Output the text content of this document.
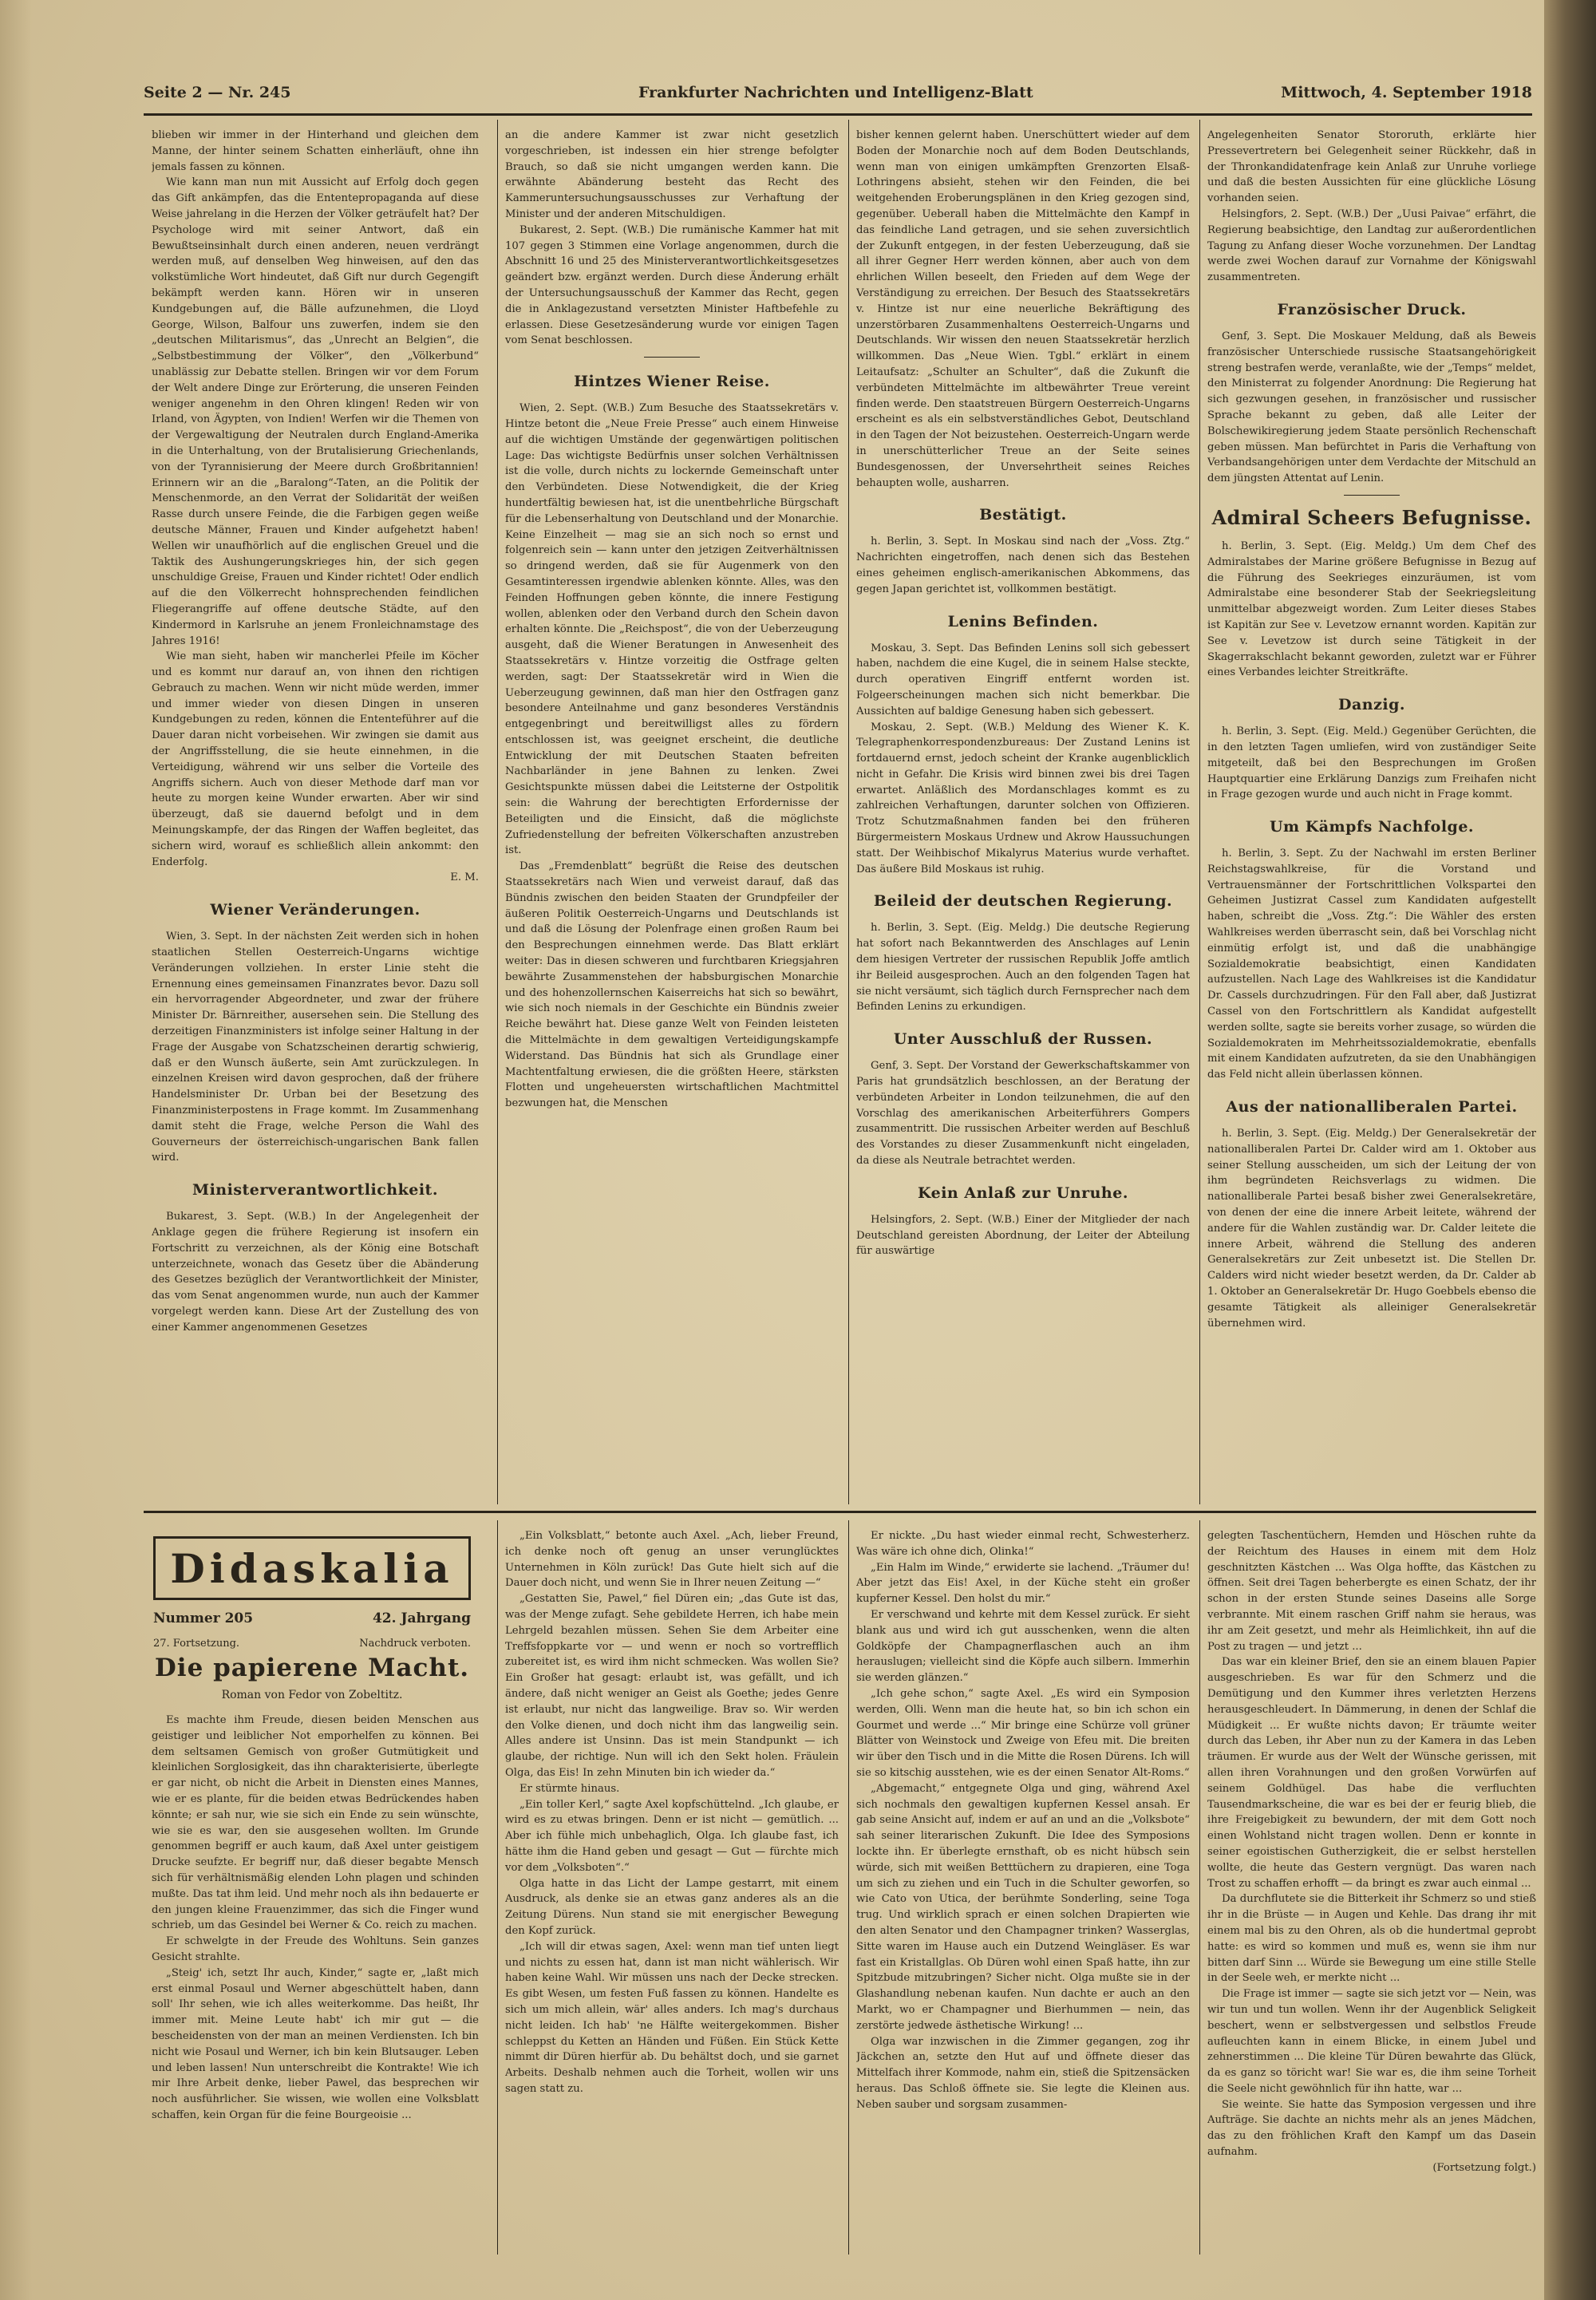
Seite 2 — Nr. 245	Frankfurter Nachrichten und Intelligenz-Blatt	Mittwoch, 4. September 1918

blieben wir immer in der Hinterhand und gleichen dem Manne, der hinter seinem Schatten einherläuft, ohne ihn jemals fassen zu können.

Wie kann man nun mit Aussicht auf Erfolg doch gegen das Gift ankämpfen, das die Ententepropaganda auf diese Weise jahrelang in die Herzen der Völker geträufelt hat? Der Psychologe wird mit seiner Antwort, daß ein Bewußtseinsinhalt durch einen anderen, neuen verdrängt werden muß, auf denselben Weg hinweisen, auf den das volkstümliche Wort hindeutet, daß Gift nur durch Gegengift bekämpft werden kann. Hören wir in unseren Kundgebungen auf, die Bälle aufzunehmen, die Lloyd George, Wilson, Balfour uns zuwerfen, indem sie den „deutschen Militarismus“, das „Unrecht an Belgien“, die „Selbstbestimmung der Völker“, den „Völkerbund“ unablässig zur Debatte stellen. Bringen wir vor dem Forum der Welt andere Dinge zur Erörterung, die unseren Feinden weniger angenehm in den Ohren klingen! Reden wir von Irland, von Ägypten, von Indien! Werfen wir die Themen von der Vergewaltigung der Neutralen durch England-Amerika in die Unterhaltung, von der Brutalisierung Griechenlands, von der Tyrannisierung der Meere durch Großbritannien! Erinnern wir an die „Baralong“-Taten, an die Politik der Menschenmorde, an den Verrat der Solidarität der weißen Rasse durch unsere Feinde, die die Farbigen gegen weiße deutsche Männer, Frauen und Kinder aufgehetzt haben! Wellen wir unaufhörlich auf die englischen Greuel und die Taktik des Aushungerungskrieges hin, der sich gegen unschuldige Greise, Frauen und Kinder richtet! Oder endlich auf die den Völkerrecht hohnsprechenden feindlichen Fliegerangriffe auf offene deutsche Städte, auf den Kindermord in Karlsruhe an jenem Fronleichnamstage des Jahres 1916!

Wie man sieht, haben wir mancherlei Pfeile im Köcher und es kommt nur darauf an, von ihnen den richtigen Gebrauch zu machen. Wenn wir nicht müde werden, immer und immer wieder von diesen Dingen in unseren Kundgebungen zu reden, können die Ententeführer auf die Dauer daran nicht vorbeisehen. Wir zwingen sie damit aus der Angriffsstellung, die sie heute einnehmen, in die Verteidigung, während wir uns selber die Vorteile des Angriffs sichern. Auch von dieser Methode darf man vor heute zu morgen keine Wunder erwarten. Aber wir sind überzeugt, daß sie dauernd befolgt und in dem Meinungskampfe, der das Ringen der Waffen begleitet, das sichern wird, worauf es schließlich allein ankommt: den Enderfolg.

E. M.

Wiener Veränderungen.

Wien, 3. Sept. In der nächsten Zeit werden sich in hohen staatlichen Stellen Oesterreich-Ungarns wichtige Veränderungen vollziehen. In erster Linie steht die Ernennung eines gemeinsamen Finanzrates bevor. Dazu soll ein hervorragender Abgeordneter, und zwar der frühere Minister Dr. Bärnreither, ausersehen sein. Die Stellung des derzeitigen Finanzministers ist infolge seiner Haltung in der Frage der Ausgabe von Schatzscheinen derartig schwierig, daß er den Wunsch äußerte, sein Amt zurückzulegen. In einzelnen Kreisen wird davon gesprochen, daß der frühere Handelsminister Dr. Urban bei der Besetzung des Finanzministerpostens in Frage kommt. Im Zusammenhang damit steht die Frage, welche Person die Wahl des Gouverneurs der österreichisch-ungarischen Bank fallen wird.

Ministerverantwortlichkeit.

Bukarest, 3. Sept. (W.B.) In der Angelegenheit der Anklage gegen die frühere Regierung ist insofern ein Fortschritt zu verzeichnen, als der König eine Botschaft unterzeichnete, wonach das Gesetz über die Abänderung des Gesetzes bezüglich der Verantwortlichkeit der Minister, das vom Senat angenommen wurde, nun auch der Kammer vorgelegt werden kann. Diese Art der Zustellung des von einer Kammer angenommenen Gesetzes

an die andere Kammer ist zwar nicht gesetzlich vorgeschrieben, ist indessen ein hier strenge befolgter Brauch, so daß sie nicht umgangen werden kann. Die erwähnte Abänderung besteht das Recht des Kammeruntersuchungsausschusses zur Verhaftung der Minister und der anderen Mitschuldigen.

Bukarest, 2. Sept. (W.B.) Die rumänische Kammer hat mit 107 gegen 3 Stimmen eine Vorlage angenommen, durch die Abschnitt 16 und 25 des Ministerverantwortlichkeitsgesetzes geändert bzw. ergänzt werden. Durch diese Änderung erhält der Untersuchungsausschuß der Kammer das Recht, gegen die in Anklagezustand versetzten Minister Haftbefehle zu erlassen. Diese Gesetzesänderung wurde vor einigen Tagen vom Senat beschlossen.

Hintzes Wiener Reise.

Wien, 2. Sept. (W.B.) Zum Besuche des Staatssekretärs v. Hintze betont die „Neue Freie Presse“ auch einem Hinweise auf die wichtigen Umstände der gegenwärtigen politischen Lage: Das wichtigste Bedürfnis unser solchen Verhältnissen ist die volle, durch nichts zu lockernde Gemeinschaft unter den Verbündeten. Diese Notwendigkeit, die der Krieg hundertfältig bewiesen hat, ist die unentbehrliche Bürgschaft für die Lebenserhaltung von Deutschland und der Monarchie. Keine Einzelheit — mag sie an sich noch so ernst und folgenreich sein — kann unter den jetzigen Zeitverhältnissen so dringend werden, daß sie für Augenmerk von den Gesamtinteressen irgendwie ablenken könnte. Alles, was den Feinden Hoffnungen geben könnte, die innere Festigung wollen, ablenken oder den Verband durch den Schein davon erhalten könnte. Die „Reichspost“, die von der Ueberzeugung ausgeht, daß die Wiener Beratungen in Anwesenheit des Staatssekretärs v. Hintze vorzeitig die Ostfrage gelten werden, sagt: Der Staatssekretär wird in Wien die Ueberzeugung gewinnen, daß man hier den Ostfragen ganz besondere Anteilnahme und ganz besonderes Verständnis entgegenbringt und bereitwilligst alles zu fördern entschlossen ist, was geeignet erscheint, die deutliche Entwicklung der mit Deutschen Staaten befreiten Nachbarländer in jene Bahnen zu lenken. Zwei Gesichtspunkte müssen dabei die Leitsterne der Ostpolitik sein: die Wahrung der berechtigten Erfordernisse der Beteiligten und die Einsicht, daß die möglichste Zufriedenstellung der befreiten Völkerschaften anzustreben ist.

Das „Fremdenblatt“ begrüßt die Reise des deutschen Staatssekretärs nach Wien und verweist darauf, daß das Bündnis zwischen den beiden Staaten der Grundpfeiler der äußeren Politik Oesterreich-Ungarns und Deutschlands ist und daß die Lösung der Polenfrage einen großen Raum bei den Besprechungen einnehmen werde. Das Blatt erklärt weiter: Das in diesen schweren und furchtbaren Kriegsjahren bewährte Zusammenstehen der habsburgischen Monarchie und des hohenzollernschen Kaiserreichs hat sich so bewährt, wie sich noch niemals in der Geschichte ein Bündnis zweier Reiche bewährt hat. Diese ganze Welt von Feinden leisteten die Mittelmächte in dem gewaltigen Verteidigungskampfe Widerstand. Das Bündnis hat sich als Grundlage einer Machtentfaltung erwiesen, die die größten Heere, stärksten Flotten und ungeheuersten wirtschaftlichen Machtmittel bezwungen hat, die Menschen

bisher kennen gelernt haben. Unerschüttert wieder auf dem Boden der Monarchie noch auf dem Boden Deutschlands, wenn man von einigen umkämpften Grenzorten Elsaß-Lothringens absieht, stehen wir den Feinden, die bei weitgehenden Eroberungsplänen in den Krieg gezogen sind, gegenüber. Ueberall haben die Mittelmächte den Kampf in das feindliche Land getragen, und sie sehen zuversichtlich der Zukunft entgegen, in der festen Ueberzeugung, daß sie all ihrer Gegner Herr werden können, aber auch von dem ehrlichen Willen beseelt, den Frieden auf dem Wege der Verständigung zu erreichen. Der Besuch des Staatssekretärs v. Hintze ist nur eine neuerliche Bekräftigung des unzerstörbaren Zusammenhaltens Oesterreich-Ungarns und Deutschlands. Wir wissen den neuen Staatssekretär herzlich willkommen. Das „Neue Wien. Tgbl.“ erklärt in einem Leitaufsatz: „Schulter an Schulter“, daß die Zukunft die verbündeten Mittelmächte im altbewährter Treue vereint finden werde. Den staatstreuen Bürgern Oesterreich-Ungarns erscheint es als ein selbstverständliches Gebot, Deutschland in den Tagen der Not beizustehen. Oesterreich-Ungarn werde in unerschütterlicher Treue an der Seite seines Bundesgenossen, der Unversehrtheit seines Reiches behaupten wolle, ausharren.

Bestätigt.

h. Berlin, 3. Sept. In Moskau sind nach der „Voss. Ztg.“ Nachrichten eingetroffen, nach denen sich das Bestehen eines geheimen englisch-amerikanischen Abkommens, das gegen Japan gerichtet ist, vollkommen bestätigt.

Lenins Befinden.

Moskau, 3. Sept. Das Befinden Lenins soll sich gebessert haben, nachdem die eine Kugel, die in seinem Halse steckte, durch operativen Eingriff entfernt worden ist. Folgeerscheinungen machen sich nicht bemerkbar. Die Aussichten auf baldige Genesung haben sich gebessert.

Moskau, 2. Sept. (W.B.) Meldung des Wiener K. K. Telegraphenkorrespondenzbureaus: Der Zustand Lenins ist fortdauernd ernst, jedoch scheint der Kranke augenblicklich nicht in Gefahr. Die Krisis wird binnen zwei bis drei Tagen erwartet. Anläßlich des Mordanschlages kommt es zu zahlreichen Verhaftungen, darunter solchen von Offizieren. Trotz Schutzmaßnahmen fanden bei den früheren Bürgermeistern Moskaus Urdnew und Akrow Haussuchungen statt. Der Weihbischof Mikalyrus Materius wurde verhaftet. Das äußere Bild Moskaus ist ruhig.

Beileid der deutschen Regierung.

h. Berlin, 3. Sept. (Eig. Meldg.) Die deutsche Regierung hat sofort nach Bekanntwerden des Anschlages auf Lenin dem hiesigen Vertreter der russischen Republik Joffe amtlich ihr Beileid ausgesprochen. Auch an den folgenden Tagen hat sie nicht versäumt, sich täglich durch Fernsprecher nach dem Befinden Lenins zu erkundigen.

Unter Ausschluß der Russen.

Genf, 3. Sept. Der Vorstand der Gewerkschaftskammer von Paris hat grundsätzlich beschlossen, an der Beratung der verbündeten Arbeiter in London teilzunehmen, die auf den Vorschlag des amerikanischen Arbeiterführers Gompers zusammentritt. Die russischen Arbeiter werden auf Beschluß des Vorstandes zu dieser Zusammenkunft nicht eingeladen, da diese als Neutrale betrachtet werden.

Kein Anlaß zur Unruhe.

Helsingfors, 2. Sept. (W.B.) Einer der Mitglieder der nach Deutschland gereisten Abordnung, der Leiter der Abteilung für auswärtige

Angelegenheiten Senator Stororuth, erklärte hier Pressevertretern bei Gelegenheit seiner Rückkehr, daß in der Thronkandidatenfrage kein Anlaß zur Unruhe vorliege und daß die besten Aussichten für eine glückliche Lösung vorhanden seien.

Helsingfors, 2. Sept. (W.B.) Der „Uusi Paivae“ erfährt, die Regierung beabsichtige, den Landtag zur außerordentlichen Tagung zu Anfang dieser Woche vorzunehmen. Der Landtag werde zwei Wochen darauf zur Vornahme der Königswahl zusammentreten.

Französischer Druck.

Genf, 3. Sept. Die Moskauer Meldung, daß als Beweis französischer Unterschiede russische Staatsangehörigkeit streng bestrafen werde, veranlaßte, wie der „Temps“ meldet, den Ministerrat zu folgender Anordnung: Die Regierung hat sich gezwungen gesehen, in französischer und russischer Sprache bekannt zu geben, daß alle Leiter der Bolschewikiregierung jedem Staate persönlich Rechenschaft geben müssen. Man befürchtet in Paris die Verhaftung von Verbandsangehörigen unter dem Verdachte der Mitschuld an dem jüngsten Attentat auf Lenin.

Admiral Scheers Befugnisse.

h. Berlin, 3. Sept. (Eig. Meldg.) Um dem Chef des Admiralstabes der Marine größere Befugnisse in Bezug auf die Führung des Seekrieges einzuräumen, ist vom Admiralstabe eine besonderer Stab der Seekriegsleitung unmittelbar abgezweigt worden. Zum Leiter dieses Stabes ist Kapitän zur See v. Levetzow ernannt worden. Kapitän zur See v. Levetzow ist durch seine Tätigkeit in der Skagerrakschlacht bekannt geworden, zuletzt war er Führer eines Verbandes leichter Streitkräfte.

Danzig.

h. Berlin, 3. Sept. (Eig. Meld.) Gegenüber Gerüchten, die in den letzten Tagen umliefen, wird von zuständiger Seite mitgeteilt, daß bei den Besprechungen im Großen Hauptquartier eine Erklärung Danzigs zum Freihafen nicht in Frage gezogen wurde und auch nicht in Frage kommt.

Um Kämpfs Nachfolge.

h. Berlin, 3. Sept. Zu der Nachwahl im ersten Berliner Reichstagswahlkreise, für die Vorstand und Vertrauensmänner der Fortschrittlichen Volkspartei den Geheimen Justizrat Cassel zum Kandidaten aufgestellt haben, schreibt die „Voss. Ztg.“: Die Wähler des ersten Wahlkreises werden überrascht sein, daß bei Vorschlag nicht einmütig erfolgt ist, und daß die unabhängige Sozialdemokratie beabsichtigt, einen Kandidaten aufzustellen. Nach Lage des Wahlkreises ist die Kandidatur Dr. Cassels durchzudringen. Für den Fall aber, daß Justizrat Cassel von den Fortschrittlern als Kandidat aufgestellt werden sollte, sagte sie bereits vorher zusage, so würden die Sozialdemokraten im Mehrheitssozialdemokratie, ebenfalls mit einem Kandidaten aufzutreten, da sie den Unabhängigen das Feld nicht allein überlassen können.

Aus der nationalliberalen Partei.

h. Berlin, 3. Sept. (Eig. Meldg.) Der Generalsekretär der nationalliberalen Partei Dr. Calder wird am 1. Oktober aus seiner Stellung ausscheiden, um sich der Leitung der von ihm begründeten Reichsverlags zu widmen. Die nationalliberale Partei besaß bisher zwei Generalsekretäre, von denen der eine die innere Arbeit leitete, während der andere für die Wahlen zuständig war. Dr. Calder leitete die innere Arbeit, während die Stellung des anderen Generalsekretärs zur Zeit unbesetzt ist. Die Stellen Dr. Calders wird nicht wieder besetzt werden, da Dr. Calder ab 1. Oktober an Generalsekretär Dr. Hugo Goebbels ebenso die gesamte Tätigkeit als alleiniger Generalsekretär übernehmen wird.

Didaskalia
Nummer 205	42. Jahrgang
27. Fortsetzung.	Nachdruck verboten.
Die papierene Macht.
Roman von Fedor von Zobeltitz.

Es machte ihm Freude, diesen beiden Menschen aus geistiger und leiblicher Not emporhelfen zu können. Bei dem seltsamen Gemisch von großer Gutmütigkeit und kleinlichen Sorglosigkeit, das ihn charakterisierte, überlegte er gar nicht, ob nicht die Arbeit in Diensten eines Mannes, wie er es plante, für die beiden etwas Bedrückendes haben könnte; er sah nur, wie sie sich ein Ende zu sein wünschte, wie sie es war, den sie ausgesehen wollten. Im Grunde genommen begriff er auch kaum, daß Axel unter geistigem Drucke seufzte. Er begriff nur, daß dieser begabte Mensch sich für verhältnismäßig elenden Lohn plagen und schinden mußte. Das tat ihm leid. Und mehr noch als ihn bedauerte er den jungen kleine Frauenzimmer, das sich die Finger wund schrieb, um das Gesindel bei Werner & Co. reich zu machen.

Er schwelgte in der Freude des Wohltuns. Sein ganzes Gesicht strahlte.

„Steig' ich, setzt Ihr auch, Kinder,“ sagte er, „laßt mich erst einmal Posaul und Werner abgeschüttelt haben, dann soll' Ihr sehen, wie ich alles weiterkomme. Das heißt, Ihr immer mit. Meine Leute habt' ich mir gut — die bescheidensten von der man an meinen Verdiensten. Ich bin nicht wie Posaul und Werner, ich bin kein Blutsauger. Leben und leben lassen! Nun unterschreibt die Kontrakte! Wie ich mir Ihre Arbeit denke, lieber Pawel, das besprechen wir noch ausführlicher. Sie wissen, wie wollen eine Volksblatt schaffen, kein Organ für die feine Bourgeoisie ...

„Ein Volksblatt,“ betonte auch Axel. „Ach, lieber Freund, ich denke noch oft genug an unser verunglücktes Unternehmen in Köln zurück! Das Gute hielt sich auf die Dauer doch nicht, und wenn Sie in Ihrer neuen Zeitung —“

„Gestatten Sie, Pawel,“ fiel Düren ein; „das Gute ist das, was der Menge zufagt. Sehe gebildete Herren, ich habe mein Lehrgeld bezahlen müssen. Sehen Sie dem Arbeiter eine Treffsfoppkarte vor — und wenn er noch so vortrefflich zubereitet ist, es wird ihm nicht schmecken. Was wollen Sie? Ein Großer hat gesagt: erlaubt ist, was gefällt, und ich ändere, daß nicht weniger an Geist als Goethe; jedes Genre ist erlaubt, nur nicht das langweilige. Brav so. Wir werden den Volke dienen, und doch nicht ihm das langweilig sein. Alles andere ist Unsinn. Das ist mein Standpunkt — ich glaube, der richtige. Nun will ich den Sekt holen. Fräulein Olga, das Eis! In zehn Minuten bin ich wieder da.“

Er stürmte hinaus.

„Ein toller Kerl,“ sagte Axel kopfschüttelnd. „Ich glaube, er wird es zu etwas bringen. Denn er ist nicht — gemütlich. ... Aber ich fühle mich unbehaglich, Olga. Ich glaube fast, ich hätte ihm die Hand geben und gesagt — Gut — fürchte mich vor dem „Volksboten“.“

Olga hatte in das Licht der Lampe gestarrt, mit einem Ausdruck, als denke sie an etwas ganz anderes als an die Zeitung Dürens. Nun stand sie mit energischer Bewegung den Kopf zurück.

„Ich will dir etwas sagen, Axel: wenn man tief unten liegt und nichts zu essen hat, dann ist man nicht wählerisch. Wir haben keine Wahl. Wir müssen uns nach der Decke strecken. Es gibt Wesen, um festen Fuß fassen zu können. Handelte es sich um mich allein, wär' alles anders. Ich mag's durchaus nicht leiden. Ich hab' 'ne Hälfte weitergekommen. Bisher schleppst du Ketten an Händen und Füßen. Ein Stück Kette nimmt dir Düren hierfür ab. Du behältst doch, und sie garnet Arbeits. Deshalb nehmen auch die Torheit, wollen wir uns sagen statt zu.

Er nickte. „Du hast wieder einmal recht, Schwesterherz. Was wäre ich ohne dich, Olinka!“

„Ein Halm im Winde,“ erwiderte sie lachend. „Träumer du! Aber jetzt das Eis! Axel, in der Küche steht ein großer kupferner Kessel. Den holst du mir.“

Er verschwand und kehrte mit dem Kessel zurück. Er sieht blank aus und wird ich gut ausschenken, wenn die alten Goldköpfe der Champagnerflaschen auch an ihm herauslugen; vielleicht sind die Köpfe auch silbern. Immerhin sie werden glänzen.“

„Ich gehe schon,“ sagte Axel. „Es wird ein Symposion werden, Olli. Wenn man die heute hat, so bin ich schon ein Gourmet und werde ...“ Mir bringe eine Schürze voll grüner Blätter von Weinstock und Zweige von Efeu mit. Die breiten wir über den Tisch und in die Mitte die Rosen Dürens. Ich will sie so kitschig ausstehen, wie es der einen Senator Alt-Roms.“

„Abgemacht,“ entgegnete Olga und ging, während Axel sich nochmals den gewaltigen kupfernen Kessel ansah. Er gab seine Ansicht auf, indem er auf an und an die „Volksbote“ sah seiner literarischen Zukunft. Die Idee des Symposions lockte ihn. Er überlegte ernsthaft, ob es nicht hübsch sein würde, sich mit weißen Betttüchern zu drapieren, eine Toga um sich zu ziehen und ein Tuch in die Schulter geworfen, so wie Cato von Utica, der berühmte Sonderling, seine Toga trug. Und wirklich sprach er einen solchen Drapierten wie den alten Senator und den Champagner trinken? Wasserglas, Sitte waren im Hause auch ein Dutzend Weingläser. Es war fast ein Kristallglas. Ob Düren wohl einen Spaß hatte, ihn zur Spitzbude mitzubringen? Sicher nicht. Olga mußte sie in der Glashandlung nebenan kaufen. Nun dachte er auch an den Markt, wo er Champagner und Bierhummen — nein, das zerstörte jedwede ästhetische Wirkung! ...

Olga war inzwischen in die Zimmer gegangen, zog ihr Jäckchen an, setzte den Hut auf und öffnete dieser das Mittelfach ihrer Kommode, nahm ein, stieß die Spitzensäcken heraus. Das Schloß öffnete sie. Sie legte die Kleinen aus. Neben sauber und sorgsam zusammen-

gelegten Taschentüchern, Hemden und Höschen ruhte da der Reichtum des Hauses in einem mit dem Holz geschnitzten Kästchen ... Was Olga hoffte, das Kästchen zu öffnen. Seit drei Tagen beherbergte es einen Schatz, der ihr schon in der ersten Stunde seines Daseins alle Sorge verbrannte. Mit einem raschen Griff nahm sie heraus, was ihr am Zeit gesetzt, und mehr als Heimlichkeit, ihn auf die Post zu tragen — und jetzt ...

Das war ein kleiner Brief, den sie an einem blauen Papier ausgeschrieben. Es war für den Schmerz und die Demütigung und den Kummer ihres verletzten Herzens herausgeschleudert. In Dämmerung, in denen der Schlaf die Müdigkeit ... Er wußte nichts davon; Er träumte weiter durch das Leben, ihr Aber nun zu der Kamera in das Leben träumen. Er wurde aus der Welt der Wünsche gerissen, mit allen ihren Vorahnungen und den großen Vorwürfen auf seinem Goldhügel. Das habe die verfluchten Tausendmarkscheine, die war es bei der er feurig blieb, die ihre Freigebigkeit zu bewundern, der mit dem Gott noch einen Wohlstand nicht tragen wollen. Denn er konnte in seiner egoistischen Gutherzigkeit, die er selbst herstellen wollte, die heute das Gestern vergnügt. Das waren nach Trost zu schaffen erhofft — da bringt es zwar auch einmal ...

Da durchflutete sie die Bitterkeit ihr Schmerz so und stieß ihr in die Brüste — in Augen und Kehle. Das drang ihr mit einem mal bis zu den Ohren, als ob die hundertmal geprobt hatte: es wird so kommen und muß es, wenn sie ihm nur bitten darf Sinn ... Würde sie Bewegung um eine stille Stelle in der Seele weh, er merkte nicht ...

Die Frage ist immer — sagte sie sich jetzt vor — Nein, was wir tun und tun wollen. Wenn ihr der Augenblick Seligkeit beschert, wenn er selbstvergessen und selbstlos Freude aufleuchten kann in einem Blicke, in einem Jubel und zehnerstimmen ... Die kleine Tür Düren bewahrte das Glück, da es ganz so töricht war! Sie war es, die ihm seine Torheit die Seele nicht gewöhnlich für ihn hatte, war ...

Sie weinte. Sie hatte das Symposion vergessen und ihre Aufträge. Sie dachte an nichts mehr als an jenes Mädchen, das zu den fröhlichen Kraft den Kampf um das Dasein aufnahm.

(Fortsetzung folgt.)
